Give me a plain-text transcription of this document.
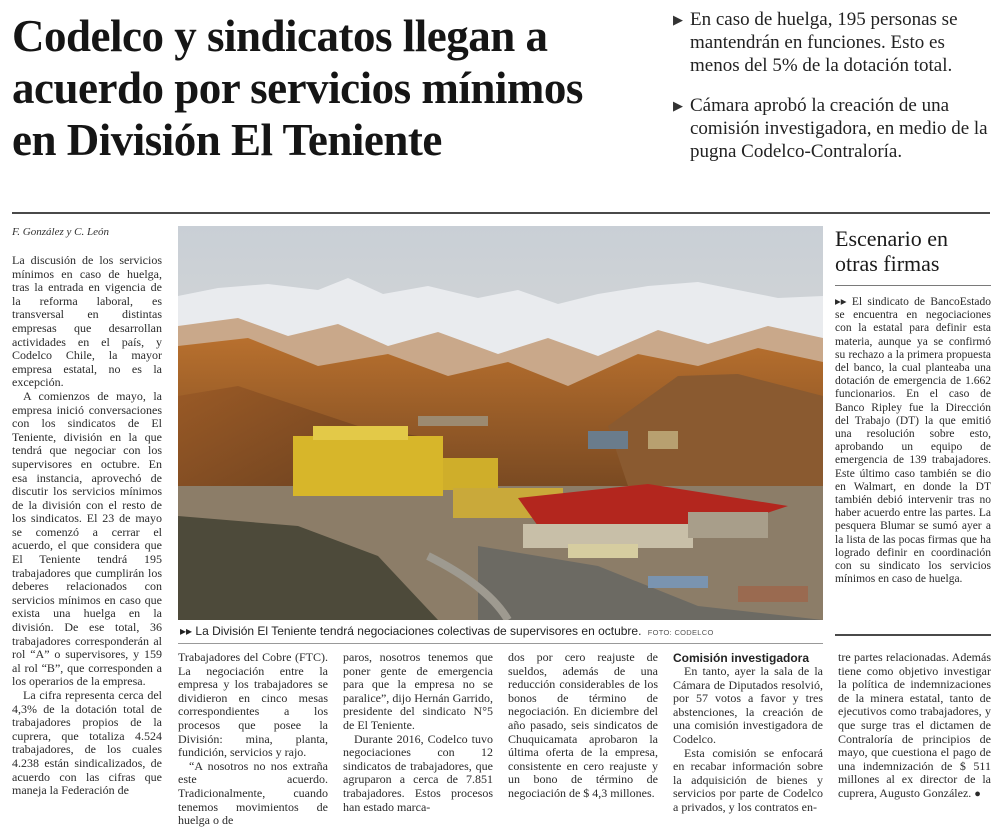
Codelco y sindicatos llegan a
acuerdo por servicios mínimos
en División El Teniente
▶ En caso de huelga, 195 personas se mantendrán en funciones. Esto es menos del 5% de la dotación total.
▶ Cámara aprobó la creación de una comisión investigadora, en medio de la pugna Codelco-Contraloría.
F. González y C. León

La discusión de los servicios mínimos en caso de huelga, tras la entrada en vigencia de la reforma laboral, es transversal en distintas empresas que desarrollan actividades en el país, y Codelco Chile, la mayor empresa estatal, no es la excepción.

A comienzos de mayo, la empresa inició conversaciones con los sindicatos de El Teniente, división en la que tendrá que negociar con los supervisores en octubre. En esa instancia, aprovechó de discutir los servicios mínimos de la división con el resto de los sindicatos. El 23 de mayo se comenzó a cerrar el acuerdo, el que considera que El Teniente tendrá 195 trabajadores que cumplirán los deberes relacionados con servicios mínimos en caso que exista una huelga en la división. De ese total, 36 trabajadores corresponderán al rol “A” o supervisores, y 159 al rol “B”, que corresponden a los operarios de la empresa.

La cifra representa cerca del 4,3% de la dotación total de trabajadores propios de la cuprera, que totaliza 4.524 trabajadores, de los cuales 4.238 están sindicalizados, de acuerdo con las cifras que maneja la Federación de

▸▸ La División El Teniente tendrá negociaciones colectivas de supervisores en octubre. FOTO: CODELCO

Trabajadores del Cobre (FTC). La negociación entre la empresa y los trabajadores se dividieron en cinco mesas correspondientes a los procesos que posee la División: mina, planta, fundición, servicios y rajo.

“A nosotros no nos extraña este acuerdo. Tradicionalmente, cuando tenemos movimientos de huelga o de

paros, nosotros tenemos que poner gente de emergencia para que la empresa no se paralice”, dijo Hernán Garrido, presidente del sindicato N°5 de El Teniente.

Durante 2016, Codelco tuvo negociaciones con 12 sindicatos de trabajadores, que agruparon a cerca de 7.851 trabajadores. Estos procesos han estado marca-

dos por cero reajuste de sueldos, además de una reducción considerables de los bonos de término de negociación. En diciembre del año pasado, seis sindicatos de Chuquicamata aprobaron la última oferta de la empresa, consistente en cero reajuste y un bono de término de negociación de $ 4,3 millones.

Comisión investigadora

En tanto, ayer la sala de la Cámara de Diputados resolvió, por 57 votos a favor y tres abstenciones, la creación de una comisión investigadora de Codelco.

Esta comisión se enfocará en recabar información sobre la adquisición de bienes y servicios por parte de Codelco a privados, y los contratos en-

tre partes relacionadas. Además tiene como objetivo investigar la política de indemnizaciones de la minera estatal, tanto de ejecutivos como trabajadores, y que surge tras el dictamen de Contraloría de principios de mayo, que cuestiona el pago de una indemnización de $ 511 millones al ex director de la cuprera, Augusto González. ●

Escenario en
otras firmas
▸▸ El sindicato de BancoEstado se encuentra en negociaciones con la estatal para definir esta materia, aunque ya se confirmó su rechazo a la primera propuesta del banco, la cual planteaba una dotación de emergencia de 1.662 funcionarios. En el caso de Banco Ripley fue la Dirección del Trabajo (DT) la que emitió una resolución sobre esto, aprobando un equipo de emergencia de 139 trabajadores. Este último caso también se dio en Walmart, en donde la DT también debió intervenir tras no haber acuerdo entre las partes. La pesquera Blumar se sumó ayer a la lista de las pocas firmas que ha logrado definir en coordinación con su sindicato los servicios mínimos en caso de huelga.
